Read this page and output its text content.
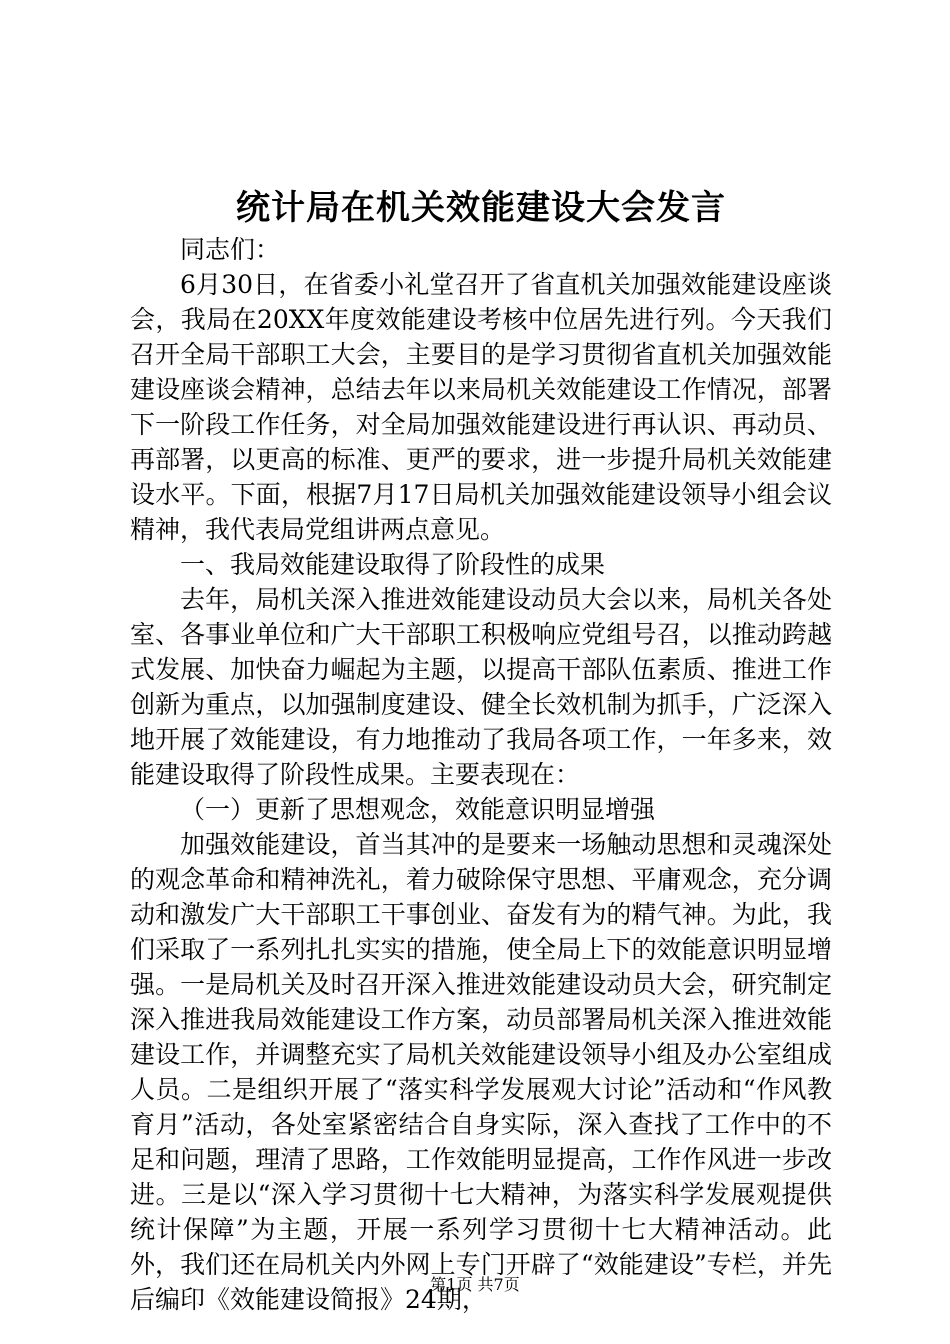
统计局在机关效能建设大会发言

同志们：

6月30日，在省委小礼堂召开了省直机关加强效能建设座谈会，我局在20XX年度效能建设考核中位居先进行列。今天我们召开全局干部职工大会，主要目的是学习贯彻省直机关加强效能建设座谈会精神，总结去年以来局机关效能建设工作情况，部署下一阶段工作任务，对全局加强效能建设进行再认识、再动员、再部署，以更高的标准、更严的要求，进一步提升局机关效能建设水平。下面，根据7月17日局机关加强效能建设领导小组会议精神，我代表局党组讲两点意见。

一、我局效能建设取得了阶段性的成果

去年，局机关深入推进效能建设动员大会以来，局机关各处室、各事业单位和广大干部职工积极响应党组号召，以推动跨越式发展、加快奋力崛起为主题，以提高干部队伍素质、推进工作创新为重点，以加强制度建设、健全长效机制为抓手，广泛深入地开展了效能建设，有力地推动了我局各项工作，一年多来，效能建设取得了阶段性成果。主要表现在：

（一）更新了思想观念，效能意识明显增强

加强效能建设，首当其冲的是要来一场触动思想和灵魂深处的观念革命和精神洗礼，着力破除保守思想、平庸观念，充分调动和激发广大干部职工干事创业、奋发有为的精气神。为此，我们采取了一系列扎扎实实的措施，使全局上下的效能意识明显增强。一是局机关及时召开深入推进效能建设动员大会，研究制定深入推进我局效能建设工作方案，动员部署局机关深入推进效能建设工作，并调整充实了局机关效能建设领导小组及办公室组成人员。二是组织开展了“落实科学发展观大讨论”活动和“作风教育月”活动，各处室紧密结合自身实际，深入查找了工作中的不足和问题，理清了思路，工作效能明显提高，工作作风进一步改进。三是以“深入学习贯彻十七大精神，为落实科学发展观提供统计保障”为主题，开展一系列学习贯彻十七大精神活动。此外，我们还在局机关内外网上专门开辟了“效能建设”专栏，并先后编印《效能建设简报》24期，

第1页 共7页
